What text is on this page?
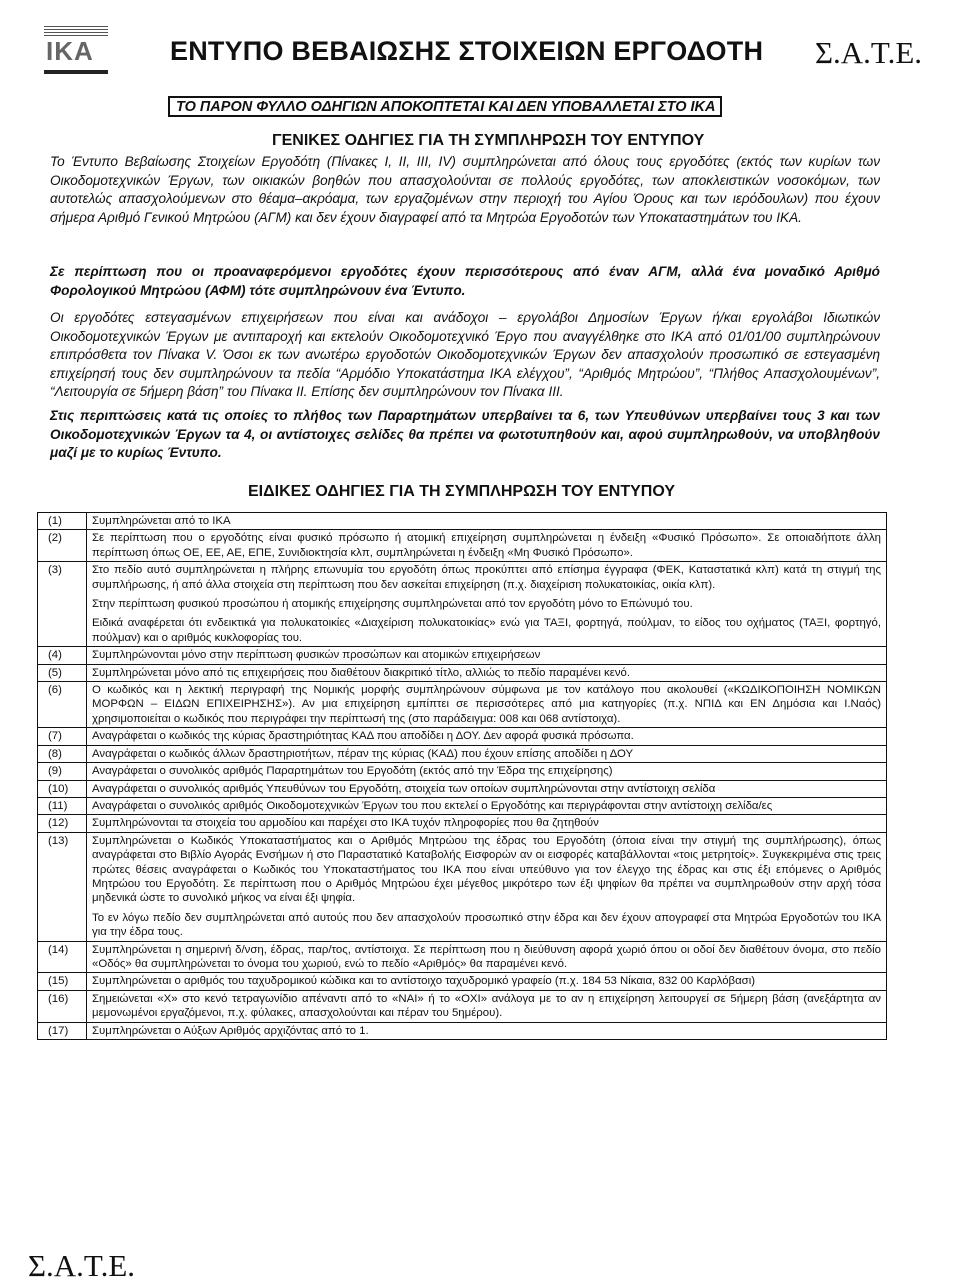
IKA	ΕΝΤΥΠΟ ΒΕΒΑΙΩΣΗΣ ΣΤΟΙΧΕΙΩΝ ΕΡΓΟΔΟΤΗ Σ.Α.Τ.Ε.
ΤΟ ΠΑΡΟΝ ΦΥΛΛΟ ΟΔΗΓΙΩΝ ΑΠΟΚΟΠΤΕΤΑΙ ΚΑΙ ΔΕΝ ΥΠΟΒΑΛΛΕΤΑΙ ΣΤΟ ΙΚΑ
ΓΕΝΙΚΕΣ ΟΔΗΓΙΕΣ ΓΙΑ ΤΗ ΣΥΜΠΛΗΡΩΣΗ ΤΟΥ ΕΝΤΥΠΟΥ

Το Έντυπο Βεβαίωσης Στοιχείων Εργοδότη (Πίνακες Ι, ΙΙ, ΙΙΙ, IV) συμπληρώνεται από όλους τους εργοδότες (εκτός των κυρίων των Οικοδομοτεχνικών Έργων, των οικιακών βοηθών που απασχολούνται σε πολλούς εργοδότες, των αποκλειστικών νοσοκόμων, των αυτοτελώς απασχολούμενων στο θέαμα–ακρόαμα, των εργαζομένων στην περιοχή του Αγίου Όρους και των ιερόδουλων) που έχουν σήμερα Αριθμό Γενικού Μητρώου (ΑΓΜ) και δεν έχουν διαγραφεί από τα Μητρώα Εργοδοτών των Υποκαταστημάτων του ΙΚΑ.

Σε περίπτωση που οι προαναφερόμενοι εργοδότες έχουν περισσότερους από έναν ΑΓΜ, αλλά ένα μοναδικό Αριθμό Φορολογικού Μητρώου (ΑΦΜ) τότε συμπληρώνουν ένα Έντυπο.

Οι εργοδότες εστεγασμένων επιχειρήσεων που είναι και ανάδοχοι – εργολάβοι Δημοσίων Έργων ή/και εργολάβοι Ιδιωτικών Οικοδομοτεχνικών Έργων με αντιπαροχή και εκτελούν Οικοδομοτεχνικό Έργο που αναγγέλθηκε στο ΙΚΑ από 01/01/00 συμπληρώνουν επιπρόσθετα τον Πίνακα V. Όσοι εκ των ανωτέρω εργοδοτών Οικοδομοτεχνικών Έργων δεν απασχολούν προσωπικό σε εστεγασμένη επιχείρησή τους δεν συμπληρώνουν τα πεδία “Αρμόδιο Υποκατάστημα ΙΚΑ ελέγχου”, “Αριθμός Μητρώου”, “Πλήθος Απασχολουμένων”, “Λειτουργία σε 5ήμερη βάση” του Πίνακα ΙΙ. Επίσης δεν συμπληρώνουν τον Πίνακα ΙΙΙ.

Στις περιπτώσεις κατά τις οποίες το πλήθος των Παραρτημάτων υπερβαίνει τα 6, των Υπευθύνων υπερβαίνει τους 3 και των Οικοδομοτεχνικών Έργων τα 4, οι αντίστοιχες σελίδες θα πρέπει να φωτοτυπηθούν και, αφού συμπληρωθούν, να υποβληθούν μαζί με το κυρίως Έντυπο.

ΕΙΔΙΚΕΣ ΟΔΗΓΙΕΣ ΓΙΑ ΤΗ ΣΥΜΠΛΗΡΩΣΗ ΤΟΥ ΕΝΤΥΠΟΥ
(1)	Συμπληρώνεται από το ΙΚΑ

(2)	Σε περίπτωση που ο εργοδότης είναι φυσικό πρόσωπο ή ατομική επιχείρηση συμπληρώνεται η ένδειξη «Φυσικό Πρόσωπο». Σε οποιαδήποτε άλλη περίπτωση όπως ΟΕ, ΕΕ, ΑΕ, ΕΠΕ, Συνιδιοκτησία κλπ, συμπληρώνεται η ένδειξη «Μη Φυσικό Πρόσωπο».

(3)	Στο πεδίο αυτό συμπληρώνεται η πλήρης επωνυμία του εργοδότη όπως προκύπτει από επίσημα έγγραφα (ΦΕΚ, Καταστατικά κλπ) κατά τη στιγμή της συμπλήρωσης, ή από άλλα στοιχεία στη περίπτωση που δεν ασκείται επιχείρηση (π.χ. διαχείριση πολυκατοικίας, οικία κλπ).

Στην περίπτωση φυσικού προσώπου ή ατομικής επιχείρησης συμπληρώνεται από τον εργοδότη μόνο το Επώνυμό του.

Ειδικά αναφέρεται ότι ενδεικτικά για πολυκατοικίες «Διαχείριση πολυκατοικίας» ενώ για ΤΑΞΙ, φορτηγά, πούλμαν, το είδος του οχήματος (ΤΑΞΙ, φορτηγό, πούλμαν) και ο αριθμός κυκλοφορίας του.

(4)	Συμπληρώνονται μόνο στην περίπτωση φυσικών προσώπων και ατομικών επιχειρήσεων

(5)	Συμπληρώνεται μόνο από τις επιχειρήσεις που διαθέτουν διακριτικό τίτλο, αλλιώς το πεδίο παραμένει κενό.

(6)	Ο κωδικός και η λεκτική περιγραφή της Νομικής μορφής συμπληρώνουν σύμφωνα με τον κατάλογο που ακολουθεί («ΚΩΔΙΚΟΠΟΙΗΣΗ ΝΟΜΙΚΩΝ ΜΟΡΦΩΝ – ΕΙΔΩΝ ΕΠΙΧΕΙΡΗΣΗΣ»). Αν μια επιχείρηση εμπίπτει σε περισσότερες από μια κατηγορίες (π.χ. ΝΠΙΔ και ΕΝ Δημόσια και Ι.Ναός) χρησιμοποιείται ο κωδικός που περιγράφει την περίπτωσή της (στο παράδειγμα: 008 και 068 αντίστοιχα).

(7)	Αναγράφεται ο κωδικός της κύριας δραστηριότητας ΚΑΔ που αποδίδει η ΔΟΥ. Δεν αφορά φυσικά πρόσωπα.

(8)	Αναγράφεται ο κωδικός άλλων δραστηριοτήτων, πέραν της κύριας (ΚΑΔ) που έχουν επίσης αποδίδει η ΔΟΥ

(9)	Αναγράφεται ο συνολικός αριθμός Παραρτημάτων του Εργοδότη (εκτός από την Έδρα της επιχείρησης)

(10)	Αναγράφεται ο συνολικός αριθμός Υπευθύνων του Εργοδότη, στοιχεία των οποίων συμπληρώνονται στην αντίστοιχη σελίδα

(11)	Αναγράφεται ο συνολικός αριθμός Οικοδομοτεχνικών Έργων του που εκτελεί ο Εργοδότης και περιγράφονται στην αντίστοιχη σελίδα/ες

(12)	Συμπληρώνονται τα στοιχεία του αρμοδίου και παρέχει στο ΙΚΑ τυχόν πληροφορίες που θα ζητηθούν

(13)	Συμπληρώνεται ο Κωδικός Υποκαταστήματος και ο Αριθμός Μητρώου της έδρας του Εργοδότη (όποια είναι την στιγμή της συμπλήρωσης), όπως αναγράφεται στο Βιβλίο Αγοράς Ενσήμων ή στο Παραστατικό Καταβολής Εισφορών αν οι εισφορές καταβάλλονται «τοις μετρητοίς». Συγκεκριμένα στις τρεις πρώτες θέσεις αναγράφεται ο Κωδικός του Υποκαταστήματος του ΙΚΑ που είναι υπεύθυνο για τον έλεγχο της έδρας και στις έξι επόμενες ο Αριθμός Μητρώου του Εργοδότη. Σε περίπτωση που ο Αριθμός Μητρώου έχει μέγεθος μικρότερο των έξι ψηφίων θα πρέπει να συμπληρωθούν στην αρχή τόσα μηδενικά ώστε το συνολικό μήκος να είναι έξι ψηφία.

Το εν λόγω πεδίο δεν συμπληρώνεται από αυτούς που δεν απασχολούν προσωπικό στην έδρα και δεν έχουν απογραφεί στα Μητρώα Εργοδοτών του ΙΚΑ για την έδρα τους.

(14)	Συμπληρώνεται η σημερινή δ/νση, έδρας, παρ/τος, αντίστοιχα. Σε περίπτωση που η διεύθυνση αφορά χωριό όπου οι οδοί δεν διαθέτουν όνομα, στο πεδίο «Οδός» θα συμπληρώνεται το όνομα του χωριού, ενώ το πεδίο «Αριθμός» θα παραμένει κενό.

(15)	Συμπληρώνεται ο αριθμός του ταχυδρομικού κώδικα και το αντίστοιχο ταχυδρομικό γραφείο (π.χ. 184 53 Νίκαια, 832 00 Καρλόβασι)

(16)	Σημειώνεται «Χ» στο κενό τετραγωνίδιο απέναντι από το «ΝΑΙ» ή το «ΟΧΙ» ανάλογα με το αν η επιχείρηση λειτουργεί σε 5ήμερη βάση (ανεξάρτητα αν μεμονωμένοι εργαζόμενοι, π.χ. φύλακες, απασχολούνται και πέραν του 5ημέρου).

(17)	Συμπληρώνεται ο Αύξων Αριθμός αρχιζόντας από το 1.

Σ.Α.Τ.Ε.
